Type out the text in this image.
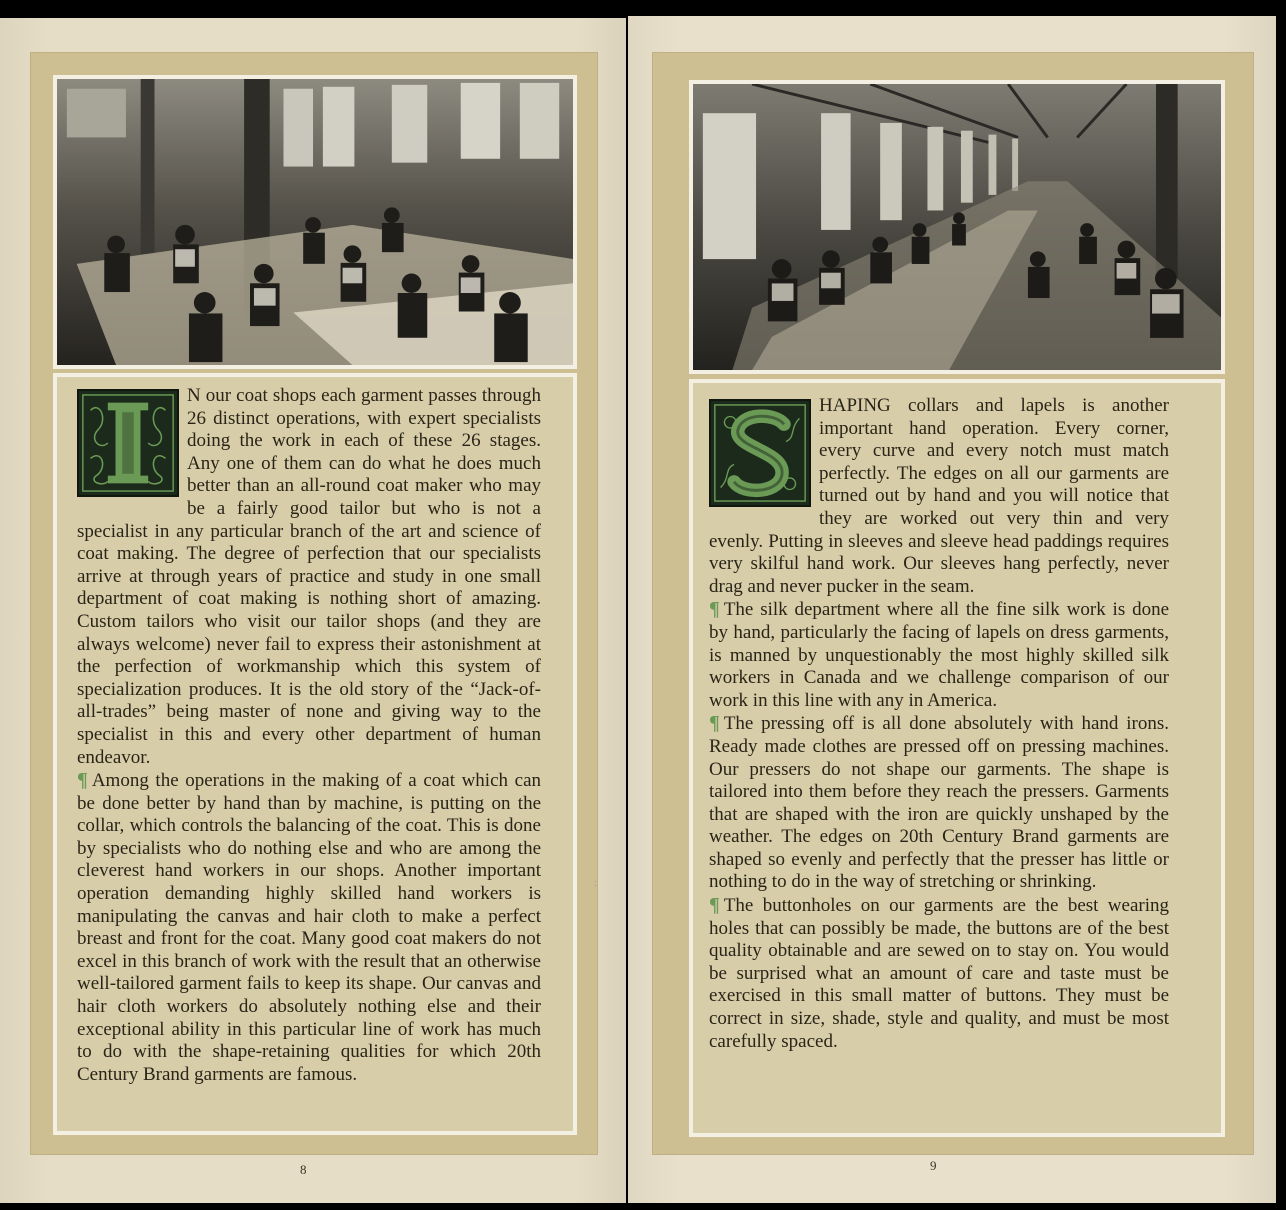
N our coat shops each garment passes through 26 distinct operations, with expert specialists doing the work in each of these 26 stages. Any one of them can do what he does much better than an all-round coat maker who may be a fairly good tailor but who is not a specialist in any particular branch of the art and science of coat making. The degree of perfection that our specialists arrive at through years of practice and study in one small department of coat making is nothing short of amazing. Custom tailors who visit our tailor shops (and they are always welcome) never fail to express their astonishment at the perfection of workmanship which this system of specialization produces. It is the old story of the “Jack-of-all-trades” being master of none and giving way to the specialist in this and every other department of human endeavor.

¶ Among the operations in the making of a coat which can be done better by hand than by machine, is putting on the collar, which controls the balancing of the coat. This is done by specialists who do nothing else and who are among the cleverest hand workers in our shops. Another important operation demanding highly skilled hand workers is manipulating the canvas and hair cloth to make a perfect breast and front for the coat. Many good coat makers do not excel in this branch of work with the result that an otherwise well-tailored garment fails to keep its shape. Our canvas and hair cloth workers do absolutely nothing else and their exceptional ability in this particular line of work has much to do with the shape-retaining qualities for which 20th Century Brand garments are famous.

8
:

HAPING collars and lapels is another important hand operation. Every corner, every curve and every notch must match perfectly. The edges on all our garments are turned out by hand and you will notice that they are worked out very thin and very evenly. Putting in sleeves and sleeve head paddings requires very skilful hand work. Our sleeves hang perfectly, never drag and never pucker in the seam.

¶ The silk department where all the fine silk work is done by hand, particularly the facing of lapels on dress garments, is manned by unquestionably the most highly skilled silk workers in Canada and we challenge comparison of our work in this line with any in America.

¶ The pressing off is all done absolutely with hand irons. Ready made clothes are pressed off on pressing machines. Our pressers do not shape our garments. The shape is tailored into them before they reach the pressers. Garments that are shaped with the iron are quickly unshaped by the weather. The edges on 20th Century Brand garments are shaped so evenly and perfectly that the presser has little or nothing to do in the way of stretching or shrinking.

¶ The buttonholes on our garments are the best wearing holes that can possibly be made, the buttons are of the best quality obtainable and are sewed on to stay on. You would be surprised what an amount of care and taste must be exercised in this small matter of buttons. They must be correct in size, shade, style and quality, and must be most carefully spaced.

9
